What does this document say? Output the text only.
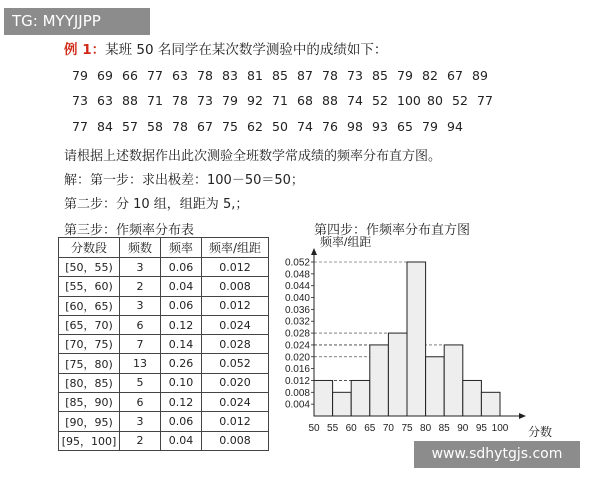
TG: MYYJJPP
例 1：某班 50 名同学在某次数学测验中的成绩如下：
79 69 66 77 63 78 83 81 85 87 78 73 85 79 82 67 89
73 63 88 71 78 73 79 92 71 68 88 74 52 100 80 52 77
77 84 57 58 78 67 75 62 50 74 76 98 93 65 79 94
请根据上述数据作出此次测验全班数学常成绩的频率分布直方图。
解：第一步：求出极差：100－50＝50；
第二步：分 10 组，组距为 5,；
第三步：作频率分布表	第四步：作频率分布直方图
分数段	频数	频率	频率/组距
[50，55)	3	0.06	0.012
[55，60)	2	0.04	0.008
[60，65)	3	0.06	0.012
[65，70)	6	0.12	0.024
[70，75)	7	0.14	0.028
[75，80)	13	0.26	0.052
[80，85)	5	0.10	0.020
[85，90)	6	0.12	0.024
[90，95)	3	0.06	0.012
[95，100]	2	0.04	0.008
频率/组距
分数
0.004
0.008
0.012
0.016
0.020
0.024
0.028
0.032
0.036
0.040
0.044
0.048
0.052
50 55 60 65 70 75 80 85 90 95 100
www.sdhytgjs.com
